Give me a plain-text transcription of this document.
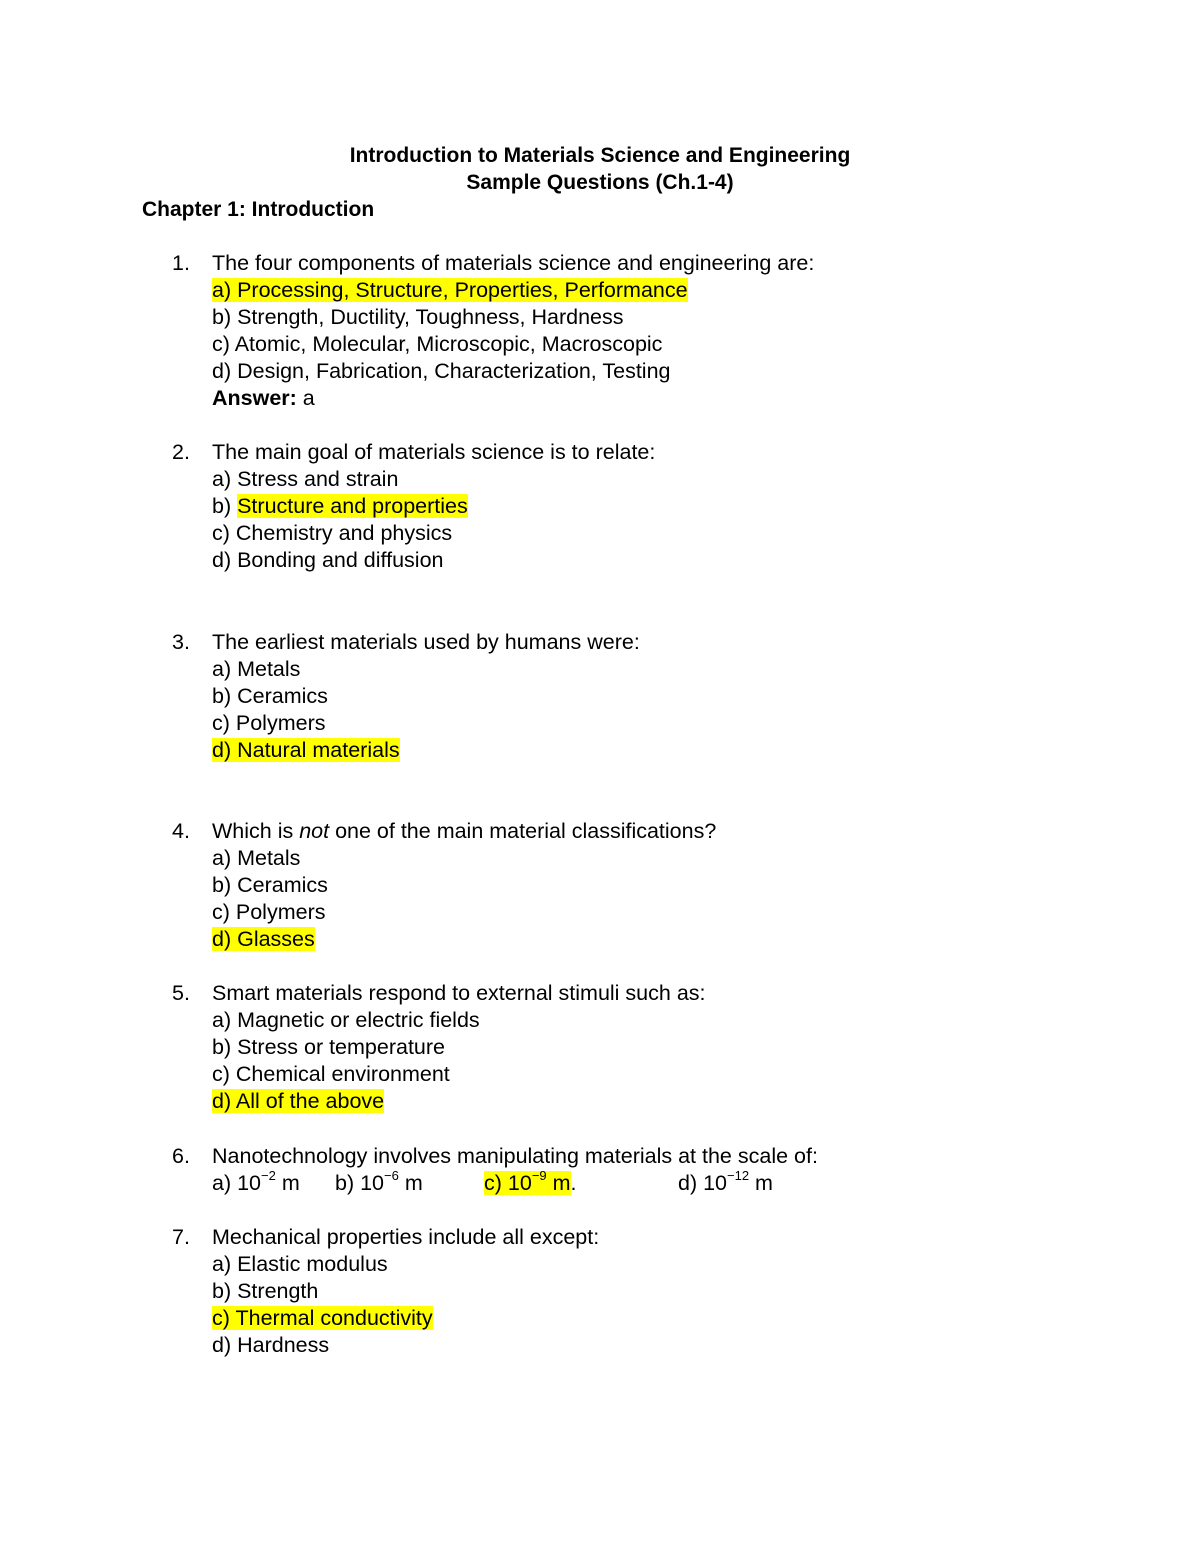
Introduction to Materials Science and Engineering
Sample Questions (Ch.1-4)
Chapter 1: Introduction
1.	The four components of materials science and engineering are:
a) Processing, Structure, Properties, Performance
b) Strength, Ductility, Toughness, Hardness
c) Atomic, Molecular, Microscopic, Macroscopic
d) Design, Fabrication, Characterization, Testing
Answer: a
2.	The main goal of materials science is to relate:
a) Stress and strain
b) Structure and properties
c) Chemistry and physics
d) Bonding and diffusion
3.	The earliest materials used by humans were:
a) Metals
b) Ceramics
c) Polymers
d) Natural materials
4.	Which is not one of the main material classifications?
a) Metals
b) Ceramics
c) Polymers
d) Glasses
5.	Smart materials respond to external stimuli such as:
a) Magnetic or electric fields
b) Stress or temperature
c) Chemical environment
d) All of the above
6.	Nanotechnology involves manipulating materials at the scale of:
a) $10^{-2}$ m b) $10^{-6}$ m	c) $10^{-9}$ m.	d) $10^{-12}$ m
7.	Mechanical properties include all except:
a) Elastic modulus
b) Strength
c) Thermal conductivity
d) Hardness
